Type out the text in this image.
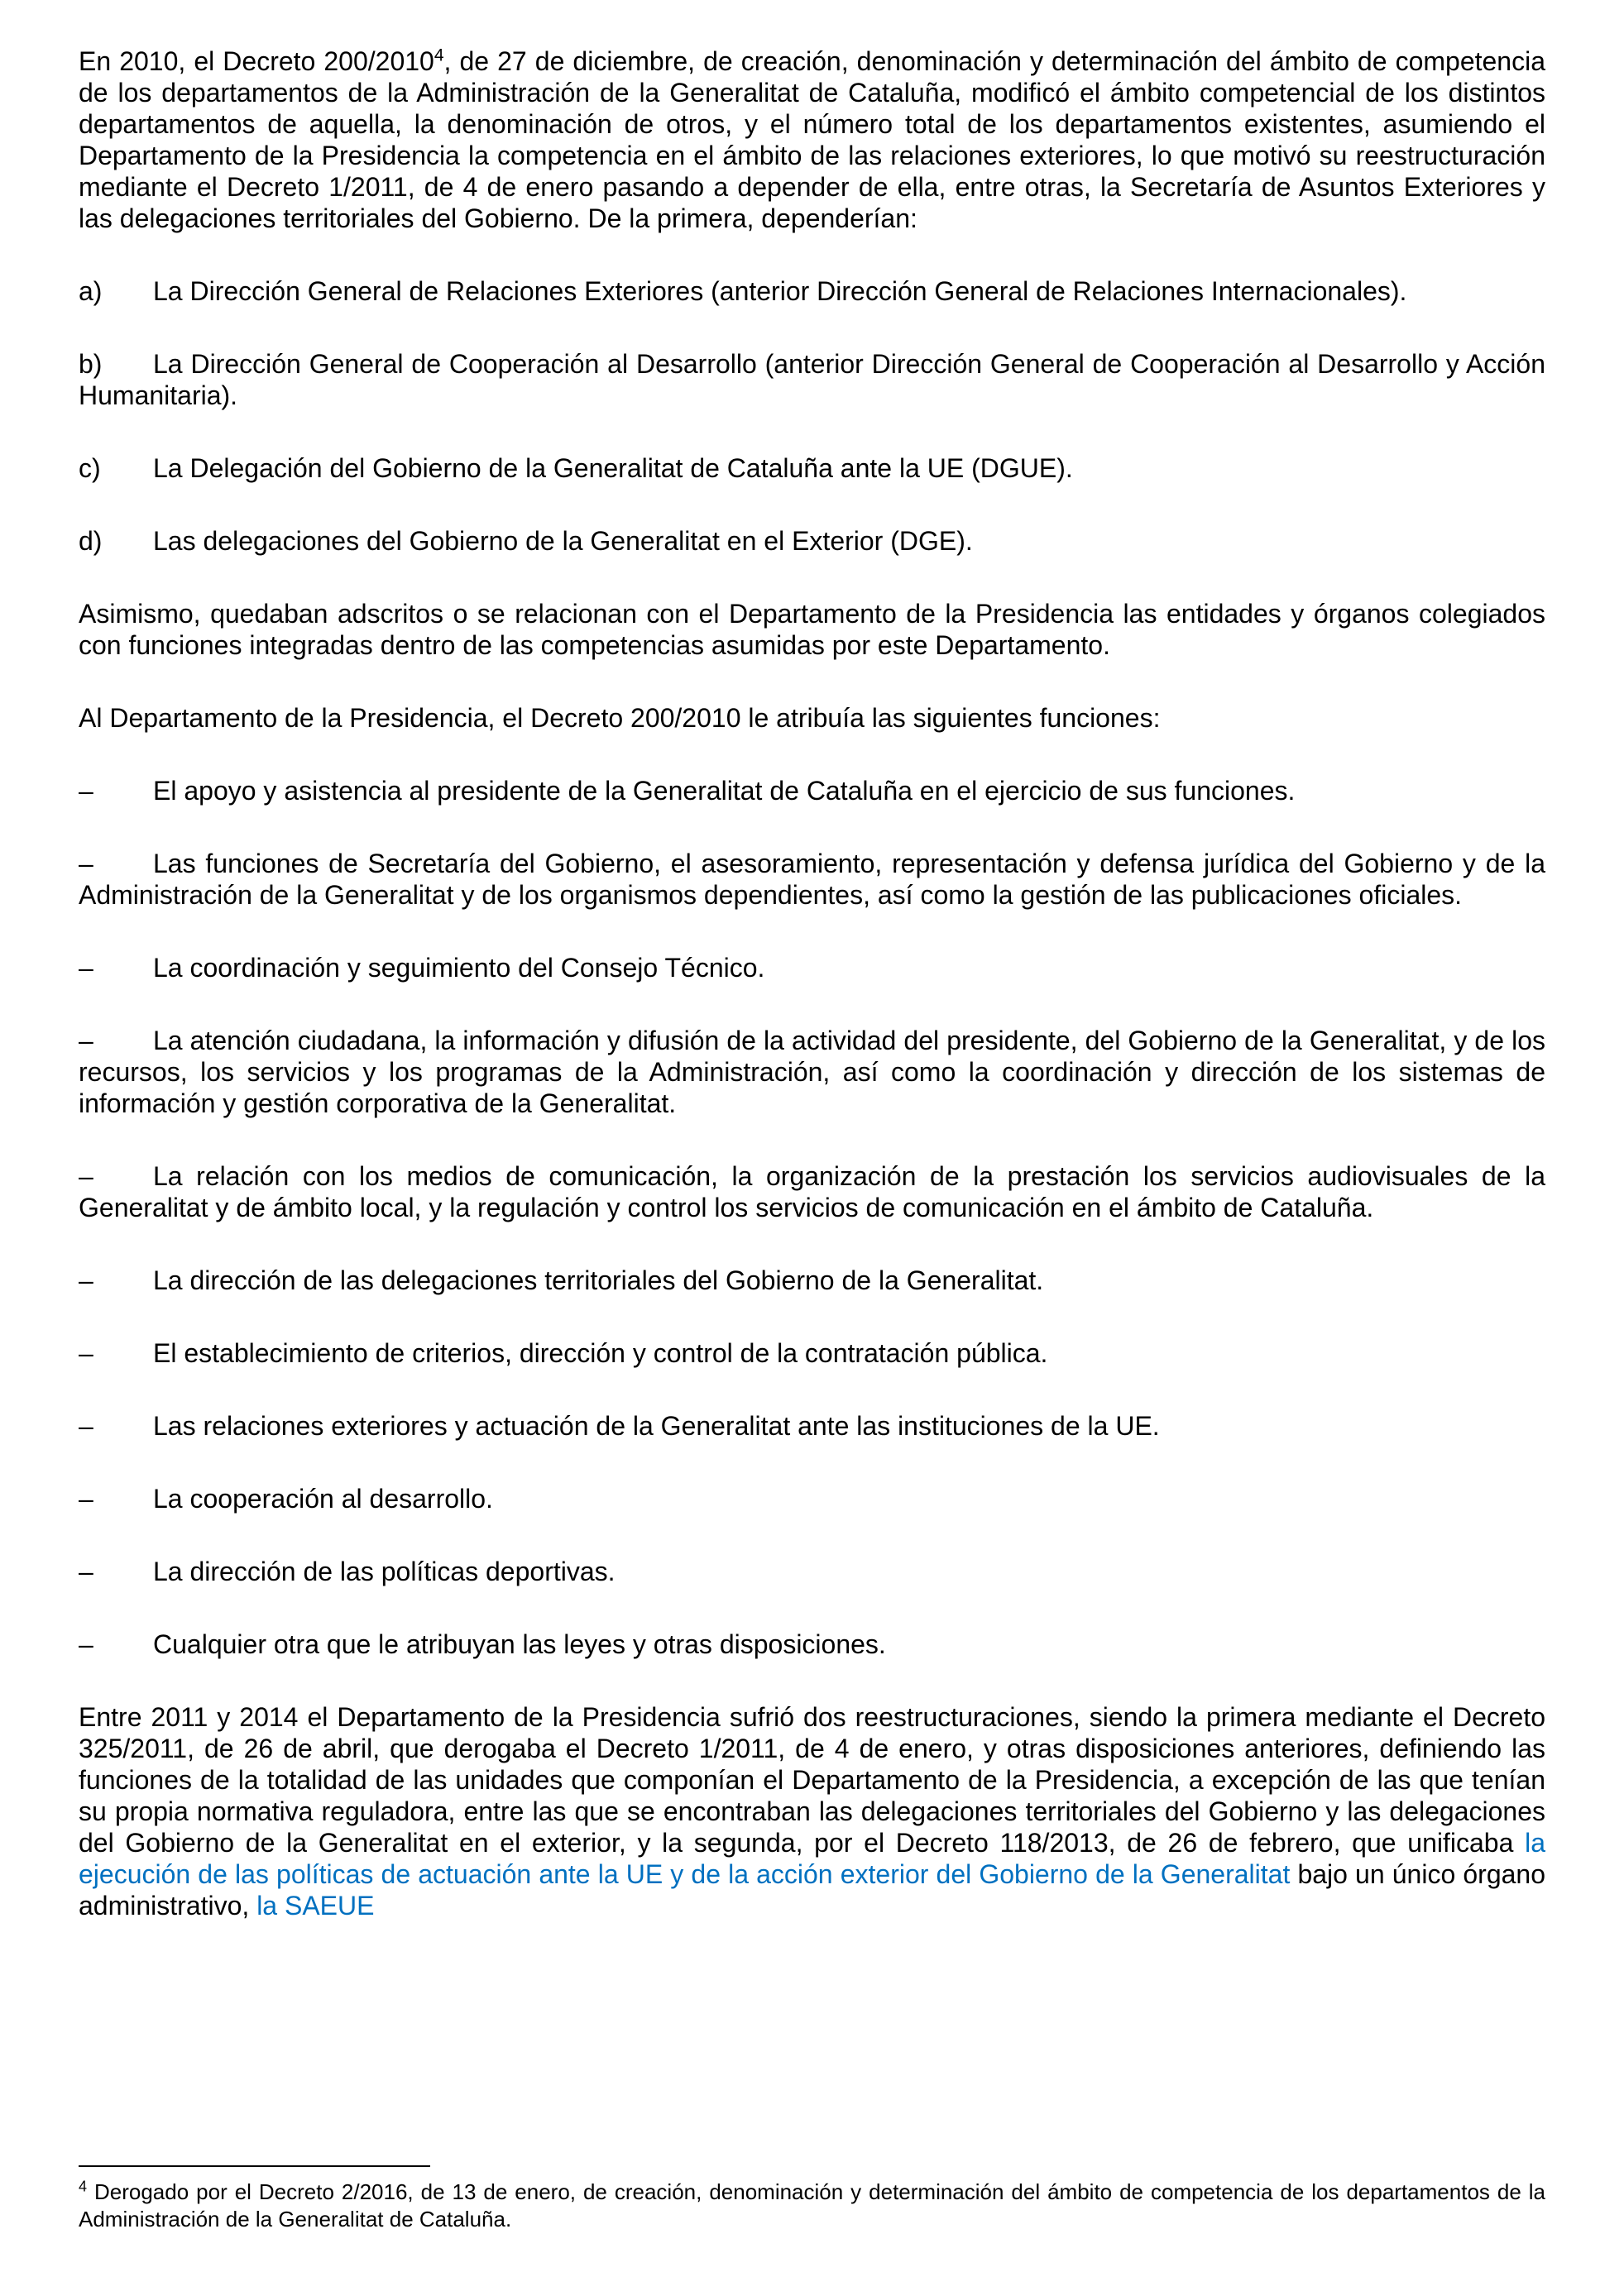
En 2010, el Decreto 200/2010$^4$, de 27 de diciembre, de creación, denominación y determinación del ámbito de competencia de los departamentos de la Administración de la Generalitat de Cataluña, modificó el ámbito competencial de los distintos departamentos de aquella, la denominación de otros, y el número total de los departamentos existentes, asumiendo el Departamento de la Presidencia la competencia en el ámbito de las relaciones exteriores, lo que motivó su reestructuración mediante el Decreto 1/2011, de 4 de enero pasando a depender de ella, entre otras, la Secretaría de Asuntos Exteriores y las delegaciones territoriales del Gobierno. De la primera, dependerían:

a) La Dirección General de Relaciones Exteriores (anterior Dirección General de Relaciones Internacionales).

b) La Dirección General de Cooperación al Desarrollo (anterior Dirección General de Cooperación al Desarrollo y Acción Humanitaria).

c) La Delegación del Gobierno de la Generalitat de Cataluña ante la UE (DGUE).

d) Las delegaciones del Gobierno de la Generalitat en el Exterior (DGE).

Asimismo, quedaban adscritos o se relacionan con el Departamento de la Presidencia las entidades y órganos colegiados con funciones integradas dentro de las competencias asumidas por este Departamento.

Al Departamento de la Presidencia, el Decreto 200/2010 le atribuía las siguientes funciones:

– El apoyo y asistencia al presidente de la Generalitat de Cataluña en el ejercicio de sus funciones.

– Las funciones de Secretaría del Gobierno, el asesoramiento, representación y defensa jurídica del Gobierno y de la Administración de la Generalitat y de los organismos dependientes, así como la gestión de las publicaciones oficiales.

– La coordinación y seguimiento del Consejo Técnico.

– La atención ciudadana, la información y difusión de la actividad del presidente, del Gobierno de la Generalitat, y de los recursos, los servicios y los programas de la Administración, así como la coordinación y dirección de los sistemas de información y gestión corporativa de la Generalitat.

– La relación con los medios de comunicación, la organización de la prestación los servicios audiovisuales de la Generalitat y de ámbito local, y la regulación y control los servicios de comunicación en el ámbito de Cataluña.

– La dirección de las delegaciones territoriales del Gobierno de la Generalitat.

– El establecimiento de criterios, dirección y control de la contratación pública.

– Las relaciones exteriores y actuación de la Generalitat ante las instituciones de la UE.

– La cooperación al desarrollo.

– La dirección de las políticas deportivas.

– Cualquier otra que le atribuyan las leyes y otras disposiciones.

Entre 2011 y 2014 el Departamento de la Presidencia sufrió dos reestructuraciones, siendo la primera mediante el Decreto 325/2011, de 26 de abril, que derogaba el Decreto 1/2011, de 4 de enero, y otras disposiciones anteriores, definiendo las funciones de la totalidad de las unidades que componían el Departamento de la Presidencia, a excepción de las que tenían su propia normativa reguladora, entre las que se encontraban las delegaciones territoriales del Gobierno y las delegaciones del Gobierno de la Generalitat en el exterior, y la segunda, por el Decreto 118/2013, de 26 de febrero, que unificaba la ejecución de las políticas de actuación ante la UE y de la acción exterior del Gobierno de la Generalitat bajo un único órgano administrativo, la SAEUE

$^4$ Derogado por el Decreto 2/2016, de 13 de enero, de creación, denominación y determinación del ámbito de competencia de los departamentos de la Administración de la Generalitat de Cataluña.
